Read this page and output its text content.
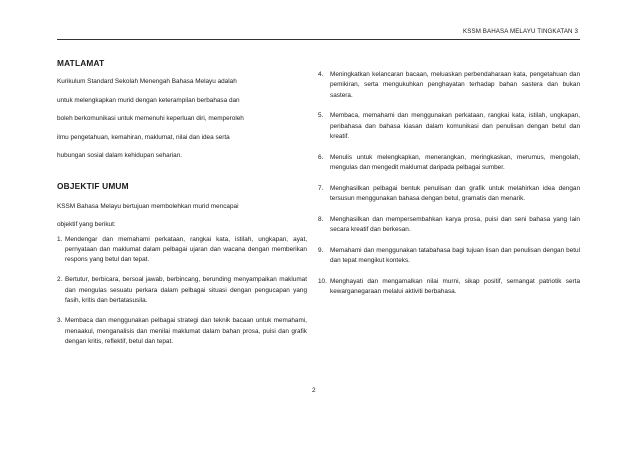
KSSM BAHASA MELAYU TINGKATAN 3
MATLAMAT
Kurikulum Standard Sekolah Menengah Bahasa Melayu adalah
untuk melengkapkan murid dengan keterampilan berbahasa dan
boleh berkomunikasi untuk memenuhi keperluan diri, memperoleh
ilmu pengetahuan, kemahiran, maklumat, nilai dan idea serta
hubungan sosial dalam kehidupan seharian.
OBJEKTIF UMUM
KSSM Bahasa Melayu bertujuan membolehkan murid mencapai
objektif yang berikut:
1. Mendengar dan memahami perkataan, rangkai kata, istilah, ungkapan, ayat, pernyataan dan maklumat dalam pelbagai ujaran dan wacana dengan memberikan respons yang betul dan tepat.
2. Bertutur, berbicara, bersoal jawab, berbincang, berunding menyampaikan maklumat dan mengulas sesuatu perkara dalam pelbagai situasi dengan pengucapan yang fasih, kritis dan bertatasusila.
3. Membaca dan menggunakan pelbagai strategi dan teknik bacaan untuk memahami, menaakul, menganalisis dan menilai maklumat dalam bahan prosa, puisi dan grafik dengan kritis, reflektif, betul dan tepat.
4.	Meningkatkan kelancaran bacaan, meluaskan perbendaharaan kata, pengetahuan dan pemikiran, serta mengukuhkan penghayatan terhadap bahan sastera dan bukan sastera.
5.	Membaca, memahami dan menggunakan perkataan, rangkai kata, istilah, ungkapan, peribahasa dan bahasa kiasan dalam komunikasi dan penulisan dengan betul dan kreatif.
6.	Menulis untuk melengkapkan, menerangkan, meringkaskan, merumus, mengolah, mengulas dan mengedit maklumat daripada pelbagai sumber.
7.	Menghasilkan pelbagai bentuk penulisan dan grafik untuk melahirkan idea dengan tersusun menggunakan bahasa dengan betul, gramatis dan menarik.
8.	Menghasilkan dan mempersembahkan karya prosa, puisi dan seni bahasa yang lain secara kreatif dan berkesan.
9.	Memahami dan menggunakan tatabahasa bagi tujuan lisan dan penulisan dengan betul dan tepat mengikut konteks.
10. Menghayati dan mengamalkan nilai murni, sikap positif, semangat patriotik serta kewarganegaraan melalui aktiviti berbahasa.
2
